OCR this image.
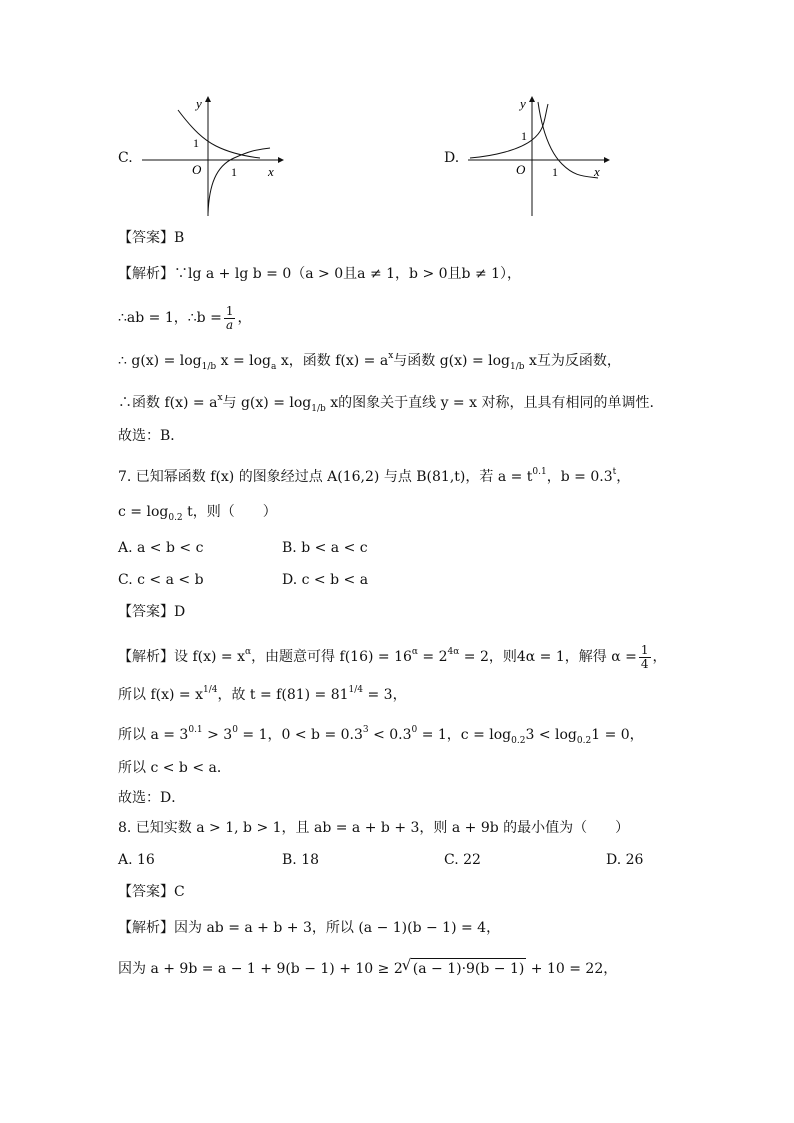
C.
y
x
O
1
1
D.
y
x
O
1
1
【答案】B
【解析】∵lg a + lg b = 0（a > 0且a ≠ 1，b > 0且b ≠ 1），
∴ab = 1，∴b = $\frac{1}{a}$ ，
∴ $g(x) = \log_{1/b} x = \log_a x$，函数 $f(x) = a^x$与函数 $g(x) = \log_{1/b} x$互为反函数，
∴函数 $f(x) = a^x$与 $g(x) = \log_{1/b} x$的图象关于直线 y = x 对称，且具有相同的单调性.
故选：B．
7. 已知幂函数 f(x) 的图象经过点 A(16,2) 与点 B(81,t)，若 $a = t^{0.1}$，$b = 0.3^t$，
$c = \log_{0.2} t$，则（　　）
A. a < b < c	B. b < a < c
C. c < a < b	D. c < b < a
【答案】D
【解析】设 $f(x) = x^\alpha$，由题意可得 $f(16) = 16^\alpha = 2^{4\alpha} = 2$，则4α = 1，解得 $\alpha = \frac{1}{4}$ ，
所以 $f(x) = x^{1/4}$，故 $t = f(81) = 81^{1/4} = 3$，
所以 $a = 3^{0.1} > 3^0 = 1$，$0 < b = 0.3^3 < 0.3^0 = 1$，$c = \log_{0.2}3 < \log_{0.2}1 = 0$，
所以 c < b < a．
故选：D．
8. 已知实数 a > 1, b > 1，且 ab = a + b + 3，则 a + 9b 的最小值为（　　）
A. 16	B. 18	C. 22	D. 26
【答案】C
【解析】因为 ab = a + b + 3，所以 (a − 1)(b − 1) = 4，
因为 a + 9b = a − 1 + 9(b − 1) + 10 ≥ 2 √ (a − 1)·9(b − 1) + 10 = 22，
